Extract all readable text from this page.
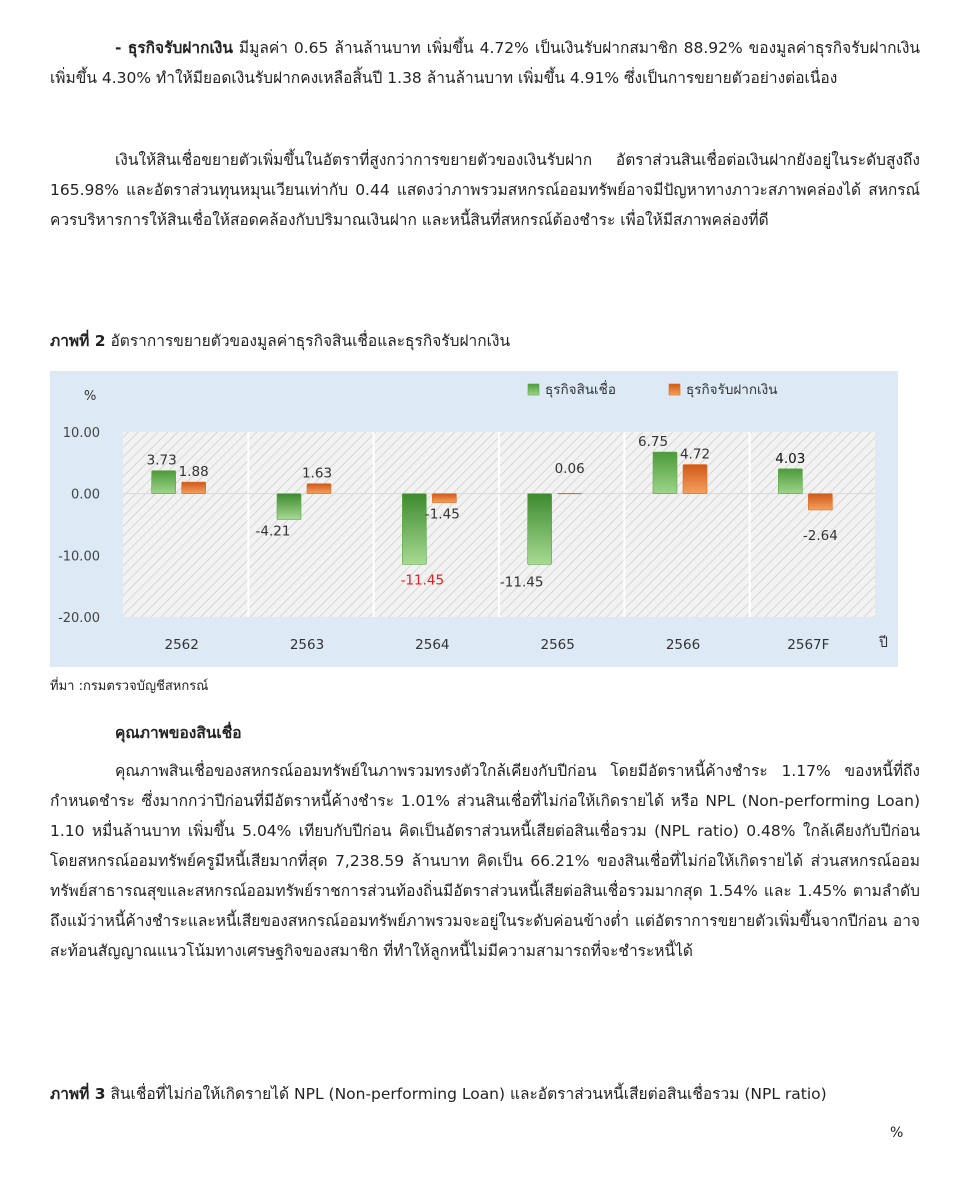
- ธุรกิจรับฝากเงิน มีมูลค่า 0.65 ล้านล้านบาท เพิ่มขึ้น 4.72% เป็นเงินรับฝากสมาชิก 88.92% ของมูลค่าธุรกิจรับฝากเงิน เพิ่มขึ้น 4.30% ทำให้มียอดเงินรับฝากคงเหลือสิ้นปี 1.38 ล้านล้านบาท เพิ่มขึ้น 4.91% ซึ่งเป็นการขยายตัวอย่างต่อเนื่อง

เงินให้สินเชื่อขยายตัวเพิ่มขึ้นในอัตราที่สูงกว่าการขยายตัวของเงินรับฝาก อัตราส่วนสินเชื่อต่อเงินฝากยังอยู่ในระดับสูงถึง 165.98% และอัตราส่วนทุนหมุนเวียนเท่ากับ 0.44 แสดงว่าภาพรวมสหกรณ์ออมทรัพย์อาจมีปัญหาทางภาวะสภาพคล่องได้ สหกรณ์ควรบริหารการให้สินเชื่อให้สอดคล้องกับปริมาณเงินฝาก และหนี้สินที่สหกรณ์ต้องชำระ เพื่อให้มีสภาพคล่องที่ดี

ภาพที่ 2 อัตราการขยายตัวของมูลค่าธุรกิจสินเชื่อและธุรกิจรับฝากเงิน
3.73
-4.21
-11.45	-11.45
6.75
4.03
1.88	1.63
-1.45
0.06
4.72
-2.64
10.00
0.00
-10.00
-20.00
%
ปี
2562	2563	2564	2565	2566	2567F
ธุรกิจสินเชื่อ	ธุรกิจรับฝากเงิน
ที่มา :กรมตรวจบัญชีสหกรณ์
คุณภาพของสินเชื่อ

คุณภาพสินเชื่อของสหกรณ์ออมทรัพย์ในภาพรวมทรงตัวใกล้เคียงกับปีก่อน โดยมีอัตราหนี้ค้างชำระ 1.17% ของหนี้ที่ถึงกำหนดชำระ ซึ่งมากกว่าปีก่อนที่มีอัตราหนี้ค้างชำระ 1.01% ส่วนสินเชื่อที่ไม่ก่อให้เกิดรายได้ หรือ NPL (Non-performing Loan) 1.10 หมื่นล้านบาท เพิ่มขึ้น 5.04% เทียบกับปีก่อน คิดเป็นอัตราส่วนหนี้เสียต่อสินเชื่อรวม (NPL ratio) 0.48% ใกล้เคียงกับปีก่อน โดยสหกรณ์ออมทรัพย์ครูมีหนี้เสียมากที่สุด 7,238.59 ล้านบาท คิดเป็น 66.21% ของสินเชื่อที่ไม่ก่อให้เกิดรายได้ ส่วนสหกรณ์ออมทรัพย์สาธารณสุขและสหกรณ์ออมทรัพย์ราชการส่วนท้องถิ่นมีอัตราส่วนหนี้เสียต่อสินเชื่อรวมมากสุด 1.54% และ 1.45% ตามลำดับ ถึงแม้ว่าหนี้ค้างชำระและหนี้เสียของสหกรณ์ออมทรัพย์ภาพรวมจะอยู่ในระดับค่อนข้างต่ำ แต่อัตราการขยายตัวเพิ่มขึ้นจากปีก่อน อาจสะท้อนสัญญาณแนวโน้มทางเศรษฐกิจของสมาชิก ที่ทำให้ลูกหนี้ไม่มีความสามารถที่จะชำระหนี้ได้

ภาพที่ 3 สินเชื่อที่ไม่ก่อให้เกิดรายได้ NPL (Non-performing Loan) และอัตราส่วนหนี้เสียต่อสินเชื่อรวม (NPL ratio)
%
